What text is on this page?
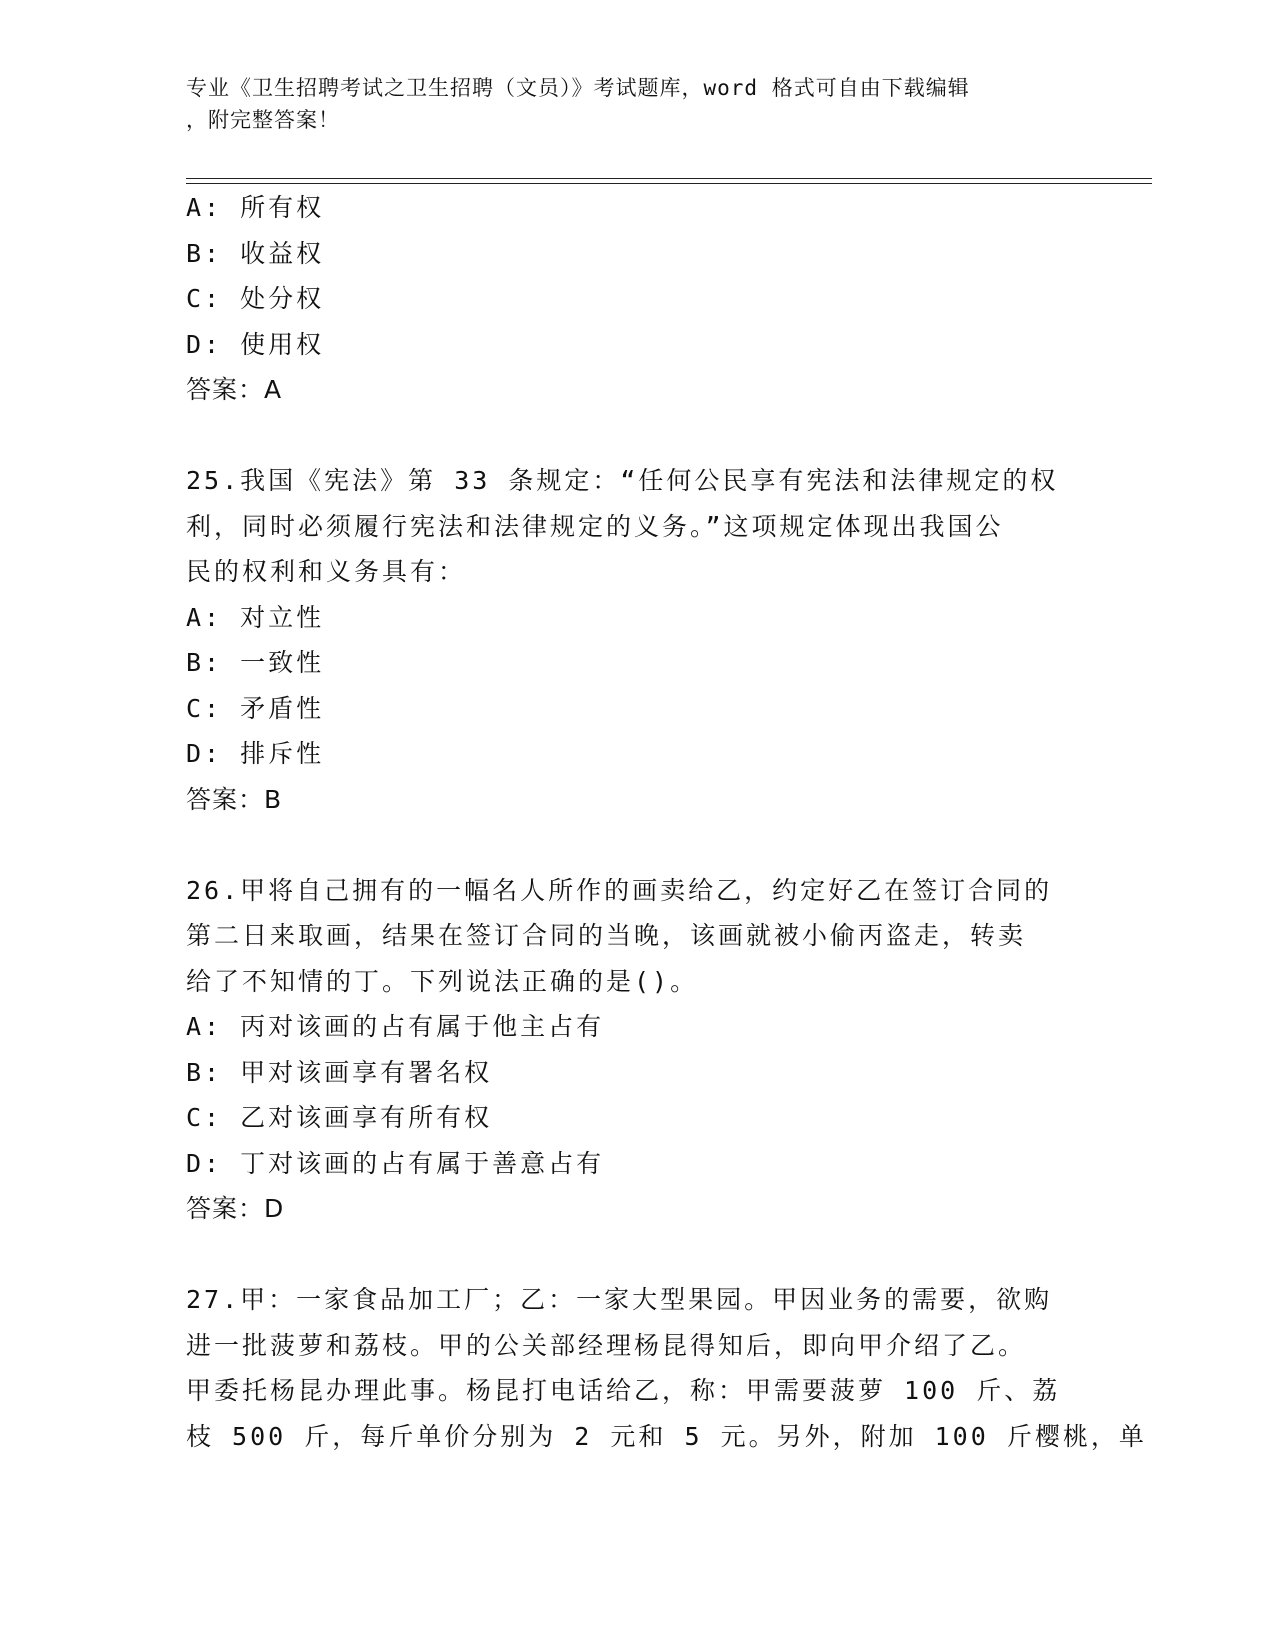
专业《卫生招聘考试之卫生招聘（文员）》考试题库，word 格式可自由下载编辑
，附完整答案！
A: 所有权
B: 收益权
C: 处分权
D: 使用权
答案：A
25.我国《宪法》第 33 条规定：“任何公民享有宪法和法律规定的权
利，同时必须履行宪法和法律规定的义务。”这项规定体现出我国公
民的权利和义务具有：
A: 对立性
B: 一致性
C: 矛盾性
D: 排斥性
答案：B
26.甲将自己拥有的一幅名人所作的画卖给乙，约定好乙在签订合同的
第二日来取画，结果在签订合同的当晚，该画就被小偷丙盗走，转卖
给了不知情的丁。下列说法正确的是()。
A: 丙对该画的占有属于他主占有
B: 甲对该画享有署名权
C: 乙对该画享有所有权
D: 丁对该画的占有属于善意占有
答案：D
27.甲：一家食品加工厂；乙：一家大型果园。甲因业务的需要，欲购
进一批菠萝和荔枝。甲的公关部经理杨昆得知后，即向甲介绍了乙。
甲委托杨昆办理此事。杨昆打电话给乙，称：甲需要菠萝 100 斤、荔
枝 500 斤，每斤单价分别为 2 元和 5 元。另外，附加 100 斤樱桃，单
